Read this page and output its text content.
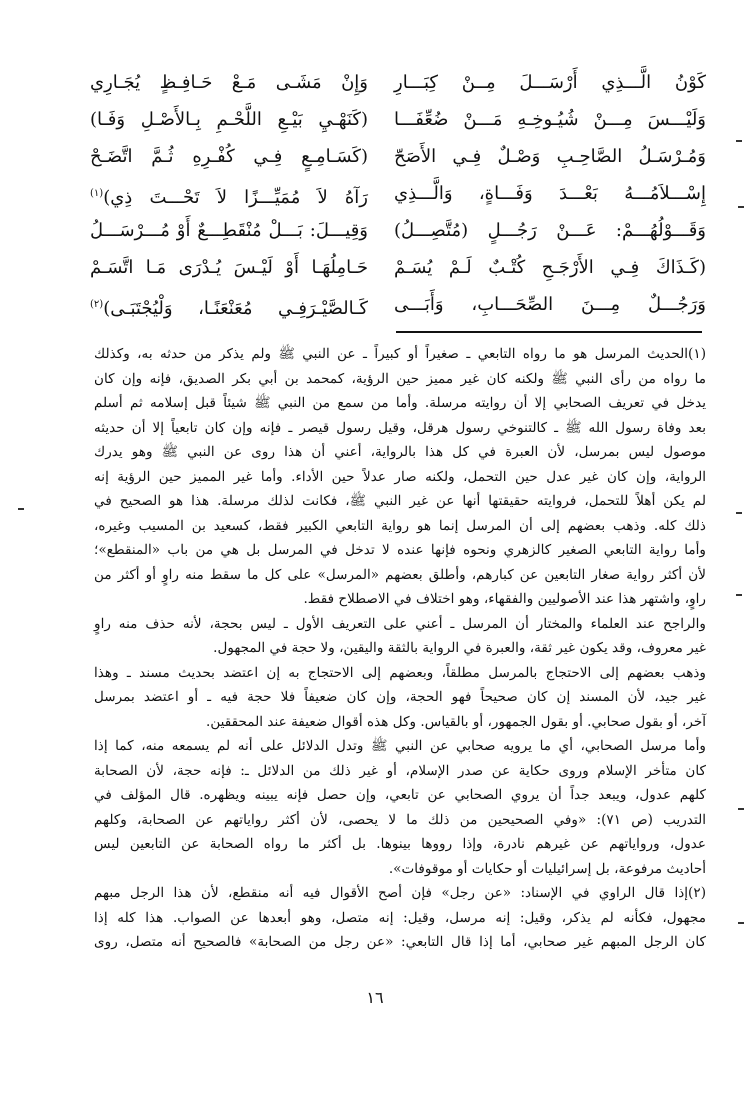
كَوْنُ الَّـــذِي أَرْسَـــلَ مِــنْ كِبَـــارِ
وَلَيْـــسَ مِـــنْ شُيُـوخِـهِ مَـــنْ ضُعِّفَـــا
وَمُـرْسَـلُ الصَّاحِـبِ وَصْـلٌ فِـي الأَصَحّ
إِسْـــلاَمُـــهُ بَعْـــدَ وَفَـــاةٍ، وَالَّـــذِي
وَقَـــوْلُهُـــمْ: عَـــنْ رَجُـــلٍ (مُتَّصِـــلُ)
(كَـذَاكَ فِـي الأَرْجَـحِ كُتْـبٌ لَـمْ يُسَـمْ
وَرَجُـــلٌ مِـــنَ الصِّحَـــابِ، وَأَبَـــى
وَإِنْ مَشَـى مَـعْ حَـافِـظٍ يُجَـارِي
(كَنَهْـيِ بَيْـعِ اللَّحْـمِ بِـالأَصْـلِ وَفَـا)
(كَسَـامِـعٍ فِـي كُفْـرِهِ ثُـمَّ اتَّضَـحْ
رَآهُ لاَ مُمَيِّـــزًا لاَ تَحْـــتَ ذِي)$^{(١)}$
وَقِيـــلَ: بَـــلْ مُنْقَطِـــعٌ أَوْ مُـــرْسَـــلُ
حَـامِلُهَـا أَوْ لَيْـسَ يُـدْرَى مَـا اتَّسَـمْ
كَـالصَّيْـرَفِـي مُعَنْعَنًـا، وَلْيُجْتَبَـى)$^{(٢)}$
(١)الحديث المرسل هو ما رواه التابعي ـ صغيراً أو كبيراً ـ عن النبي ﷺ ولم يذكر من حدثه به، وكذلك
ما رواه من رأى النبي ﷺ ولكنه كان غير مميز حين الرؤية، كمحمد بن أبي بكر الصديق، فإنه وإن كان
يدخل في تعريف الصحابي إلا أن روايته مرسلة. وأما من سمع من النبي ﷺ شيئاً قبل إسلامه ثم أسلم
بعد وفاة رسول الله ﷺ ـ كالتنوخي رسول هرقل، وقيل رسول قيصر ـ فإنه وإن كان تابعياً إلا أن حديثه
موصول ليس بمرسل، لأن العبرة في كل هذا بالرواية، أعني أن هذا روى عن النبي ﷺ وهو يدرك
الرواية، وإن كان غير عدل حين التحمل، ولكنه صار عدلاً حين الأداء. وأما غير المميز حين الرؤية إنه
لم يكن أهلاً للتحمل، فروايته حقيقتها أنها عن غير النبي ﷺ، فكانت لذلك مرسلة. هذا هو الصحيح في
ذلك كله. وذهب بعضهم إلى أن المرسل إنما هو رواية التابعي الكبير فقط، كسعيد بن المسيب وغيره،
وأما رواية التابعي الصغير كالزهري ونحوه فإنها عنده لا تدخل في المرسل بل هي من باب «المنقطع»؛
لأن أكثر رواية صغار التابعين عن كبارهم، وأطلق بعضهم «المرسل» على كل ما سقط منه راوٍ أو أكثر من
راوٍ، واشتهر هذا عند الأصوليين والفقهاء، وهو اختلاف في الاصطلاح فقط.
والراجح عند العلماء والمختار أن المرسل ـ أعني على التعريف الأول ـ ليس بحجة، لأنه حذف منه راوٍ
غير معروف، وقد يكون غير ثقة، والعبرة في الرواية بالثقة واليقين، ولا حجة في المجهول.
وذهب بعضهم إلى الاحتجاج بالمرسل مطلقاً، وبعضهم إلى الاحتجاج به إن اعتضد بحديث مسند ـ وهذا
غير جيد، لأن المسند إن كان صحيحاً فهو الحجة، وإن كان ضعيفاً فلا حجة فيه ـ أو اعتضد بمرسل
آخر، أو بقول صحابي. أو بقول الجمهور، أو بالقياس. وكل هذه أقوال ضعيفة عند المحققين.
وأما مرسل الصحابي، أي ما يرويه صحابي عن النبي ﷺ وتدل الدلائل على أنه لم يسمعه منه، كما إذا
كان متأخر الإسلام وروى حكاية عن صدر الإسلام، أو غير ذلك من الدلائل ـ: فإنه حجة، لأن الصحابة
كلهم عدول، ويبعد جداً أن يروي الصحابي عن تابعي، وإن حصل فإنه يبينه ويظهره. قال المؤلف في
التدريب (ص ٧١): «وفي الصحيحين من ذلك ما لا يحصى، لأن أكثر رواياتهم عن الصحابة، وكلهم
عدول، ورواياتهم عن غيرهم نادرة، وإذا رووها بينوها. بل أكثر ما رواه الصحابة عن التابعين ليس
أحاديث مرفوعة، بل إسرائيليات أو حكايات أو موقوفات».
(٢)إذا قال الراوي في الإسناد: «عن رجل» فإن أصح الأقوال فيه أنه منقطع، لأن هذا الرجل مبهم
مجهول، فكأنه لم يذكر، وقيل: إنه مرسل، وقيل: إنه متصل، وهو أبعدها عن الصواب. هذا كله إذا
كان الرجل المبهم غير صحابي، أما إذا قال التابعي: «عن رجل من الصحابة» فالصحيح أنه متصل، روى
١٦
